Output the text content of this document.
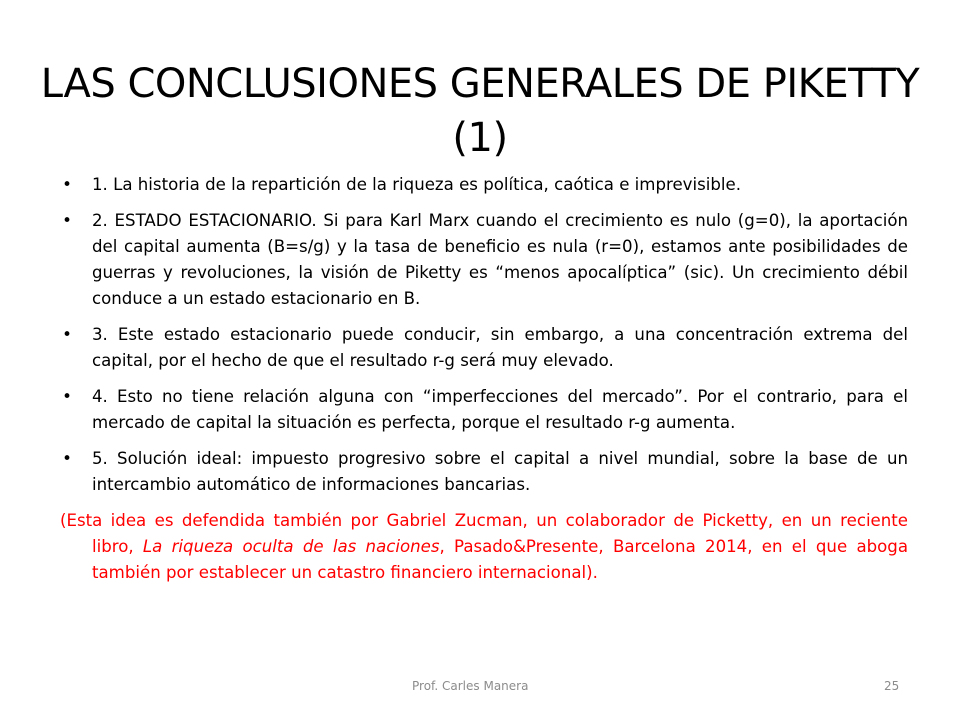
LAS CONCLUSIONES GENERALES DE PIKETTY (1)
• 1. La historia de la repartición de la riqueza es política, caótica e imprevisible.
• 2. ESTADO ESTACIONARIO. Si para Karl Marx cuando el crecimiento es nulo (g=0), la aportación del capital aumenta (B=s/g) y la tasa de beneficio es nula (r=0), estamos ante posibilidades de guerras y revoluciones, la visión de Piketty es “menos apocalíptica” (sic). Un crecimiento débil conduce a un estado estacionario en B.
• 3. Este estado estacionario puede conducir, sin embargo, a una concentración extrema del capital, por el hecho de que el resultado r-g será muy elevado.
• 4. Esto no tiene relación alguna con “imperfecciones del mercado”. Por el contrario, para el mercado de capital la situación es perfecta, porque el resultado r-g aumenta.
• 5. Solución ideal: impuesto progresivo sobre el capital a nivel mundial, sobre la base de un intercambio automático de informaciones bancarias.

(Esta idea es defendida también por Gabriel Zucman, un colaborador de Picketty, en un reciente libro, La riqueza oculta de las naciones, Pasado&Presente, Barcelona 2014, en el que aboga también por establecer un catastro financiero internacional).

Prof. Carles Manera	25
